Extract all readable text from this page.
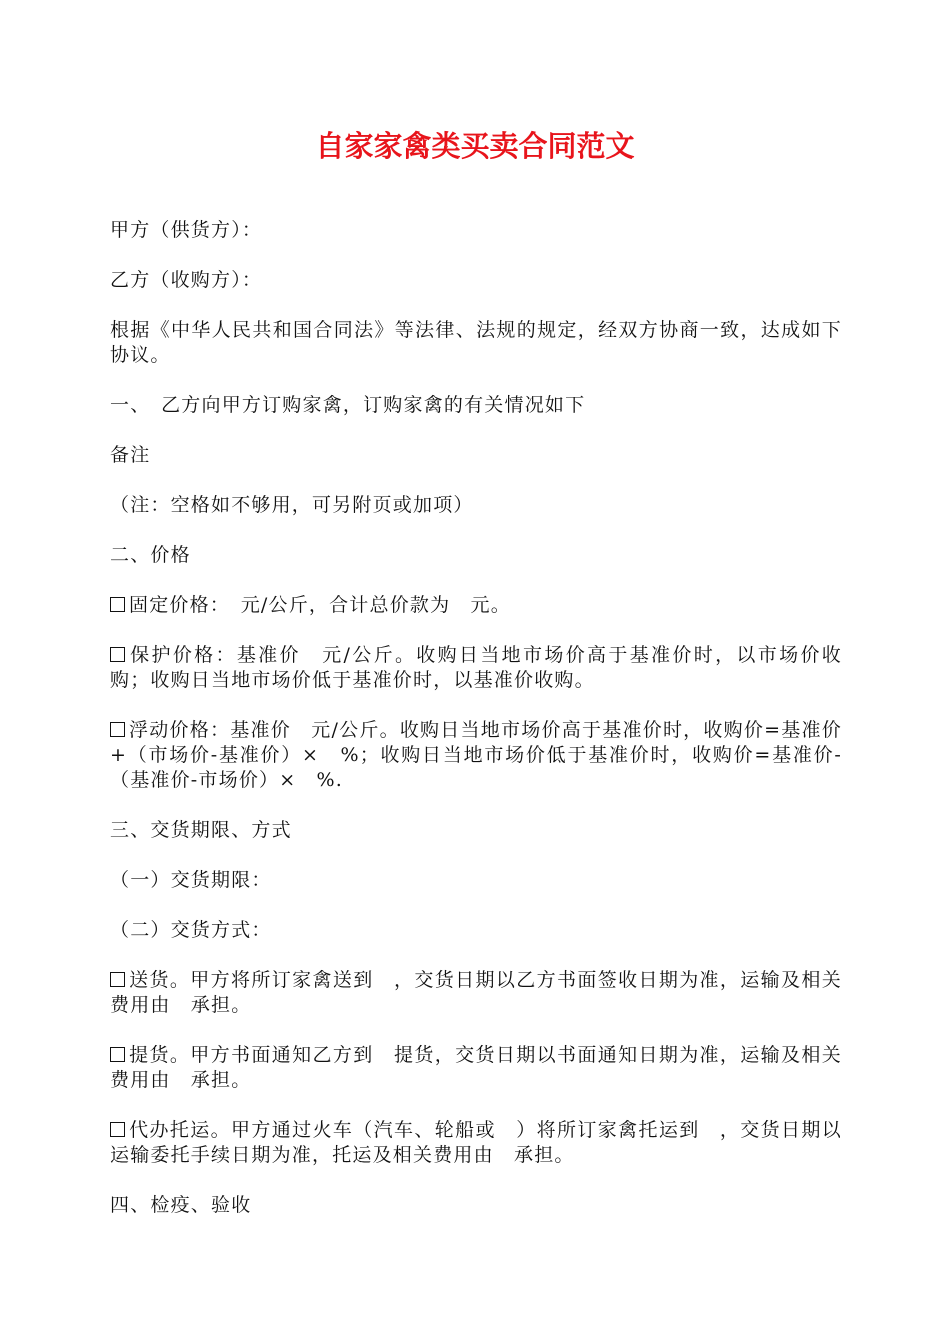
自家家禽类买卖合同范文

甲方（供货方）：

乙方（收购方）：

根据《中华人民共和国合同法》等法律、法规的规定，经双方协商一致，达成如下协议。

一、　乙方向甲方订购家禽，订购家禽的有关情况如下

备注

（注：空格如不够用，可另附页或加项）

二、价格

固定价格：　元/公斤，合计总价款为　元。

保护价格：基准价　元/公斤。收购日当地市场价高于基准价时，以市场价收购；收购日当地市场价低于基准价时，以基准价收购。

浮动价格：基准价　元/公斤。收购日当地市场价高于基准价时，收购价=基准价+（市场价-基准价）×　%；收购日当地市场价低于基准价时，收购价=基准价-（基准价-市场价）×　%.

三、交货期限、方式

（一）交货期限：

（二）交货方式：

送货。甲方将所订家禽送到　，交货日期以乙方书面签收日期为准，运输及相关费用由　承担。

提货。甲方书面通知乙方到　提货，交货日期以书面通知日期为准，运输及相关费用由　承担。

代办托运。甲方通过火车（汽车、轮船或　）将所订家禽托运到　，交货日期以运输委托手续日期为准，托运及相关费用由　承担。

四、检疫、验收
